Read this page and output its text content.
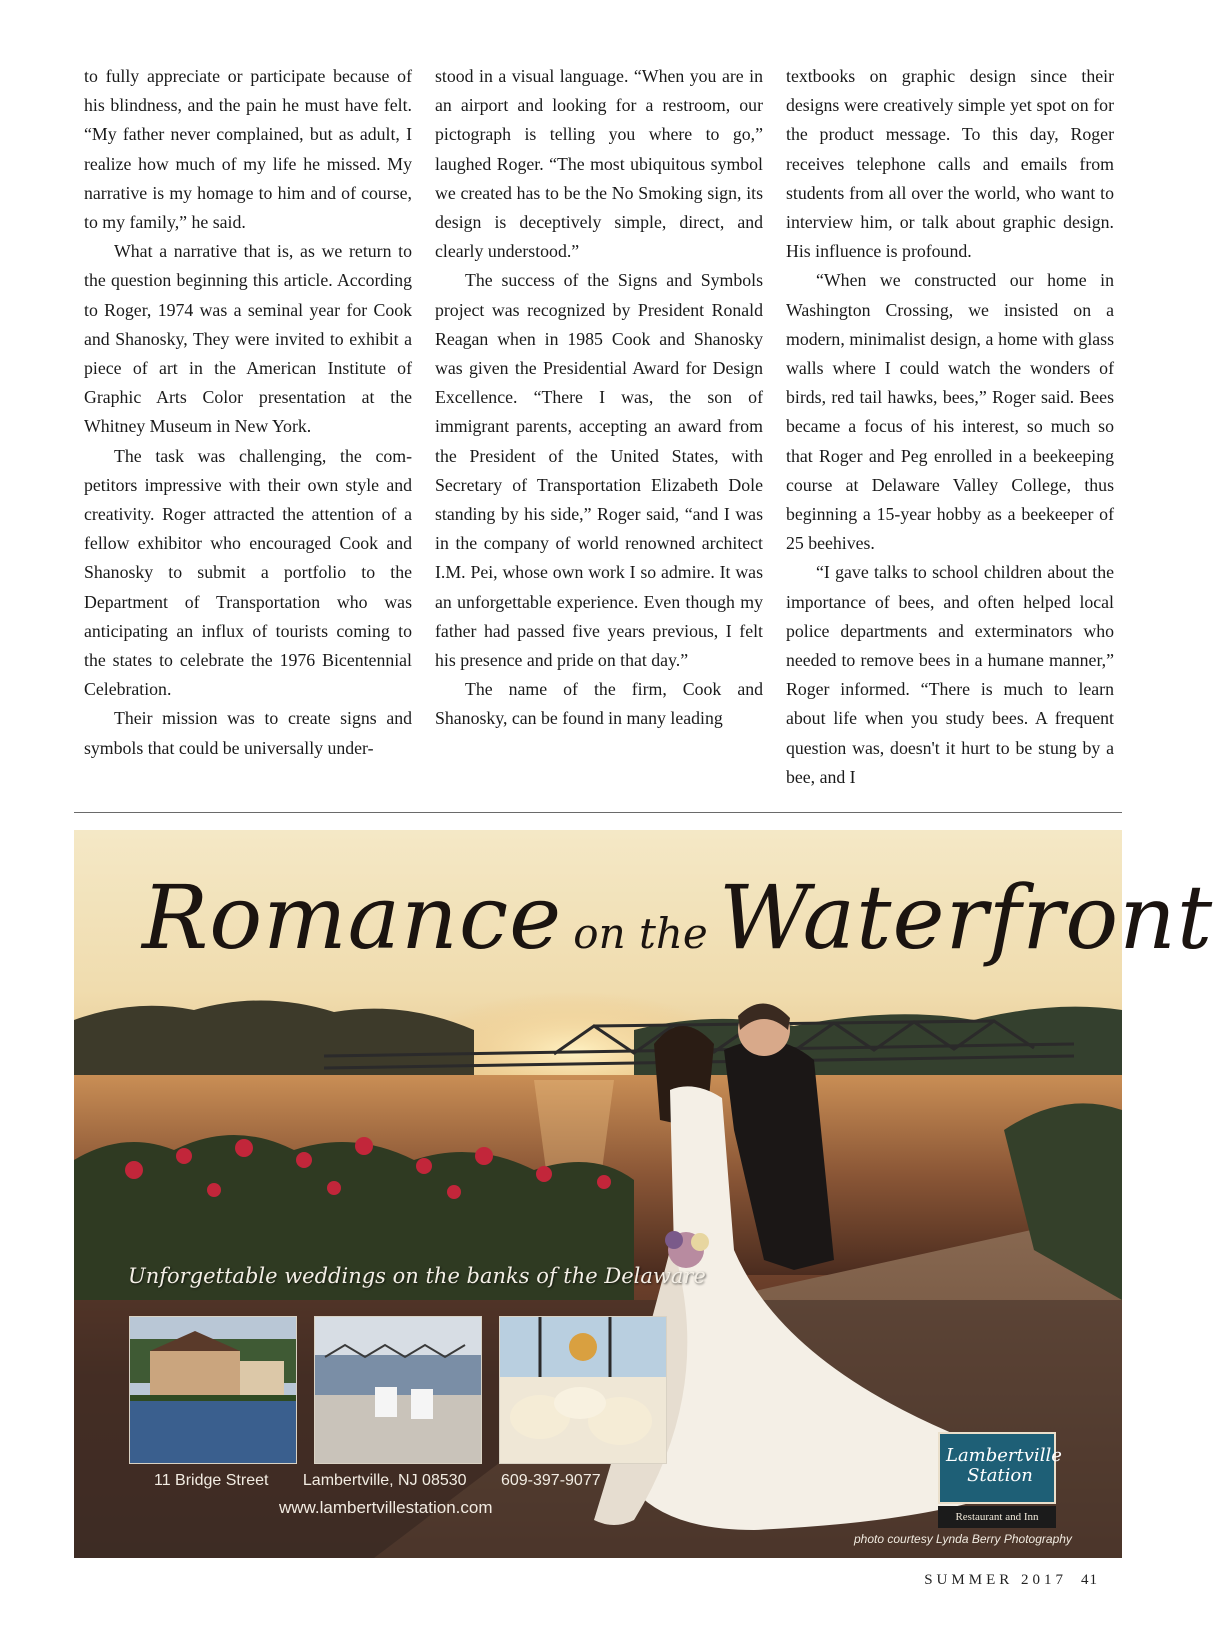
to fully appreciate or participate because of his blindness, and the pain he must have felt. “My father never complained, but as adult, I realize how much of my life he missed. My narrative is my homage to him and of course, to my family,” he said.

What a narrative that is, as we return to the question beginning this article. According to Roger, 1974 was a seminal year for Cook and Shanosky, They were invited to exhibit a piece of art in the American Institute of Graphic Arts Color presentation at the Whitney Museum in New York.

The task was challenging, the competitors impressive with their own style and creativity. Roger attracted the attention of a fellow exhibitor who encouraged Cook and Shanosky to submit a portfolio to the Department of Transportation who was anticipating an influx of tourists coming to the states to celebrate the 1976 Bicentennial Celebration.

Their mission was to create signs and symbols that could be universally under-

stood in a visual language. “When you are in an airport and looking for a restroom, our pictograph is telling you where to go,” laughed Roger. “The most ubiquitous symbol we created has to be the No Smoking sign, its design is deceptively simple, direct, and clearly understood.”

The success of the Signs and Symbols project was recognized by President Ronald Reagan when in 1985 Cook and Shanosky was given the Presidential Award for Design Excellence. “There I was, the son of immigrant parents, accepting an award from the President of the United States, with Secretary of Transportation Elizabeth Dole standing by his side,” Roger said, “and I was in the company of world renowned architect I.M. Pei, whose own work I so admire. It was an unforgettable experience. Even though my father had passed five years previous, I felt his presence and pride on that day.”

The name of the firm, Cook and Shanosky, can be found in many leading

textbooks on graphic design since their designs were creatively simple yet spot on for the product message. To this day, Roger receives telephone calls and emails from students from all over the world, who want to interview him, or talk about graphic design. His influence is profound.

“When we constructed our home in Washington Crossing, we insisted on a modern, minimalist design, a home with glass walls where I could watch the wonders of birds, red tail hawks, bees,” Roger said. Bees became a focus of his interest, so much so that Roger and Peg enrolled in a beekeeping course at Delaware Valley College, thus beginning a 15-year hobby as a beekeeper of 25 beehives.

“I gave talks to school children about the importance of bees, and often helped local police departments and exterminators who needed to remove bees in a humane manner,” Roger informed. “There is much to learn about life when you study bees. A frequent question was, doesn't it hurt to be stung by a bee, and I

Romance on the Waterfront
Unforgettable weddings on the banks of the Delaware
11 Bridge Street Lambertville, NJ 08530 609-397-9077
www.lambertvillestation.com
Lambertville
Station
Restaurant and Inn
photo courtesy Lynda Berry Photography
SUMMER 2017 41
